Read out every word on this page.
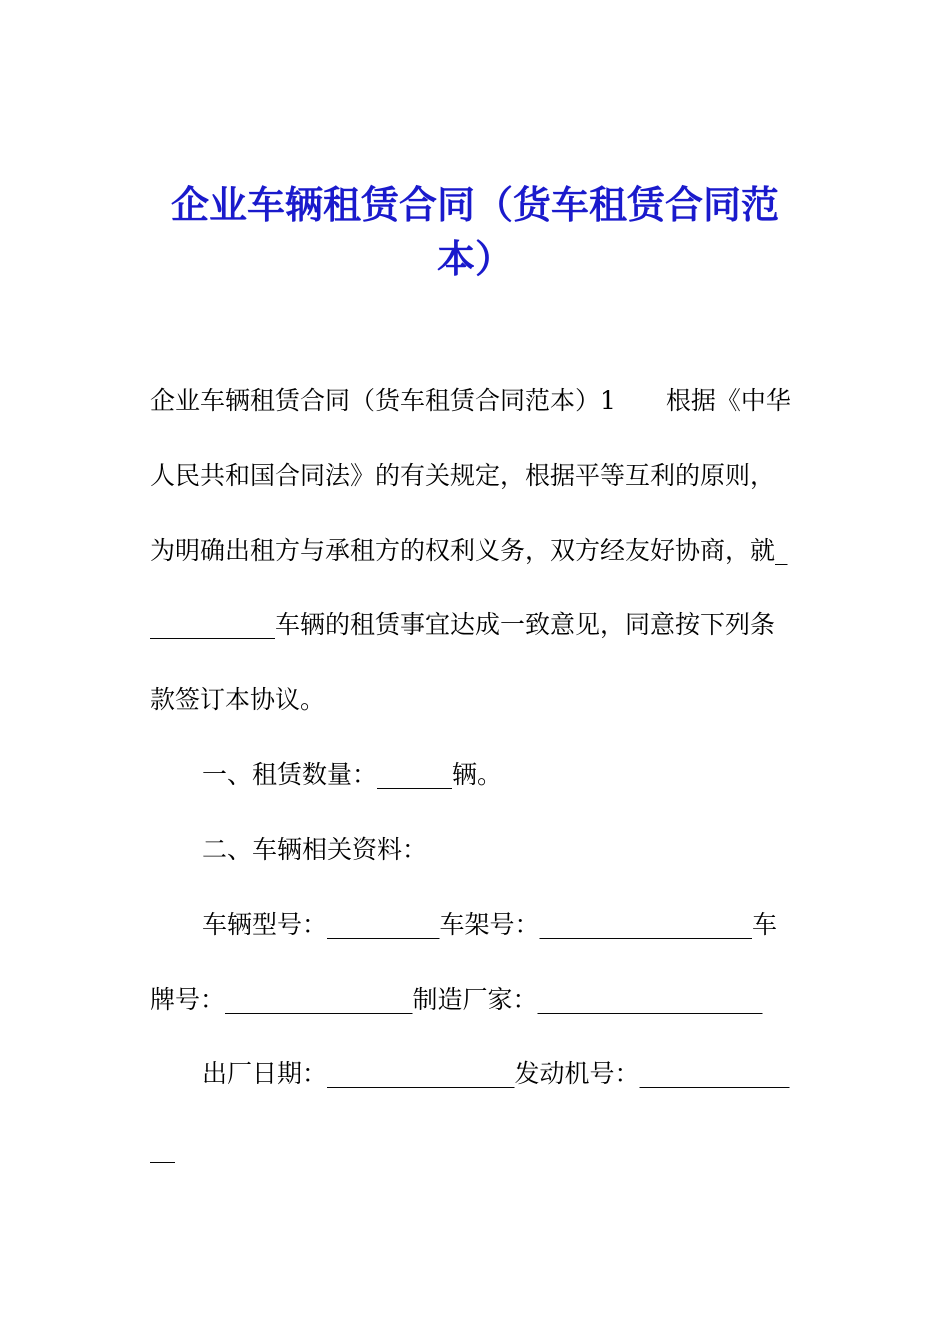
企业车辆租赁合同（货车租赁合同范
本）

企业车辆租赁合同（货车租赁合同范本）1　　根据《中华

人民共和国合同法》的有关规定，根据平等互利的原则，

为明确出租方与承租方的权利义务，双方经友好协商，就_

__________车辆的租赁事宜达成一致意见，同意按下列条

款签订本协议。

一、租赁数量：______辆。

二、车辆相关资料：

车辆型号：_________车架号：_________________车

牌号：_______________制造厂家：__________________

出厂日期：_______________发动机号：____________

__
